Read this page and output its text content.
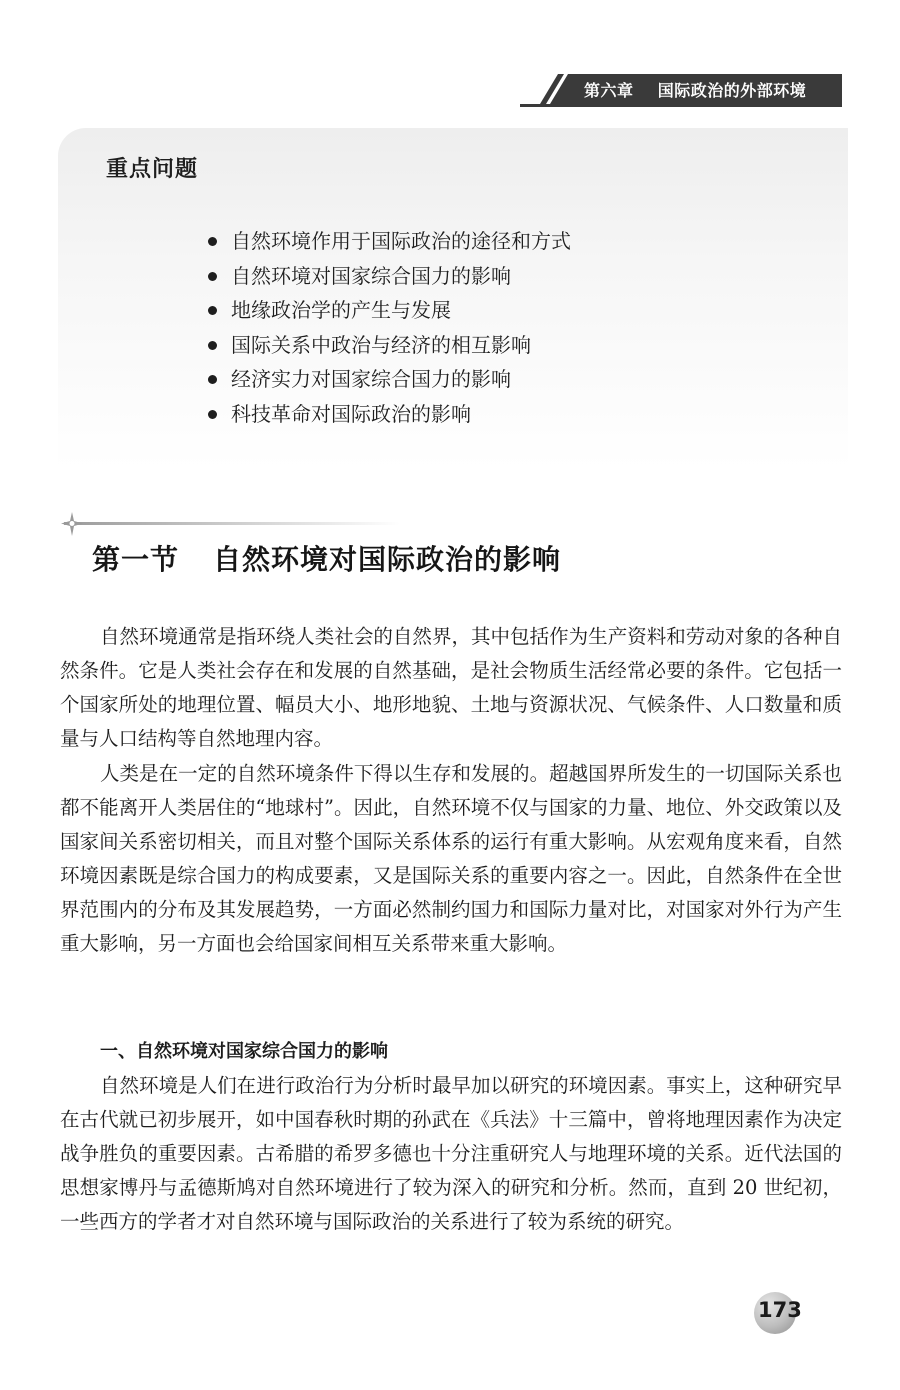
第六章 国际政治的外部环境
重点问题
自然环境作用于国际政治的途径和方式
自然环境对国家综合国力的影响
地缘政治学的产生与发展
国际关系中政治与经济的相互影响
经济实力对国家综合国力的影响
科技革命对国际政治的影响
第一节 自然环境对国际政治的影响

自然环境通常是指环绕人类社会的自然界，其中包括作为生产资料和劳动对象的各种自然条件。它是人类社会存在和发展的自然基础，是社会物质生活经常必要的条件。它包括一个国家所处的地理位置、幅员大小、地形地貌、土地与资源状况、气候条件、人口数量和质量与人口结构等自然地理内容。

人类是在一定的自然环境条件下得以生存和发展的。超越国界所发生的一切国际关系也都不能离开人类居住的“地球村”。因此，自然环境不仅与国家的力量、地位、外交政策以及国家间关系密切相关，而且对整个国际关系体系的运行有重大影响。从宏观角度来看，自然环境因素既是综合国力的构成要素，又是国际关系的重要内容之一。因此，自然条件在全世界范围内的分布及其发展趋势，一方面必然制约国力和国际力量对比，对国家对外行为产生重大影响，另一方面也会给国家间相互关系带来重大影响。

一、自然环境对国家综合国力的影响

自然环境是人们在进行政治行为分析时最早加以研究的环境因素。事实上，这种研究早在古代就已初步展开，如中国春秋时期的孙武在《兵法》十三篇中，曾将地理因素作为决定战争胜负的重要因素。古希腊的希罗多德也十分注重研究人与地理环境的关系。近代法国的思想家博丹与孟德斯鸠对自然环境进行了较为深入的研究和分析。然而，直到 20 世纪初，一些西方的学者才对自然环境与国际政治的关系进行了较为系统的研究。

173
